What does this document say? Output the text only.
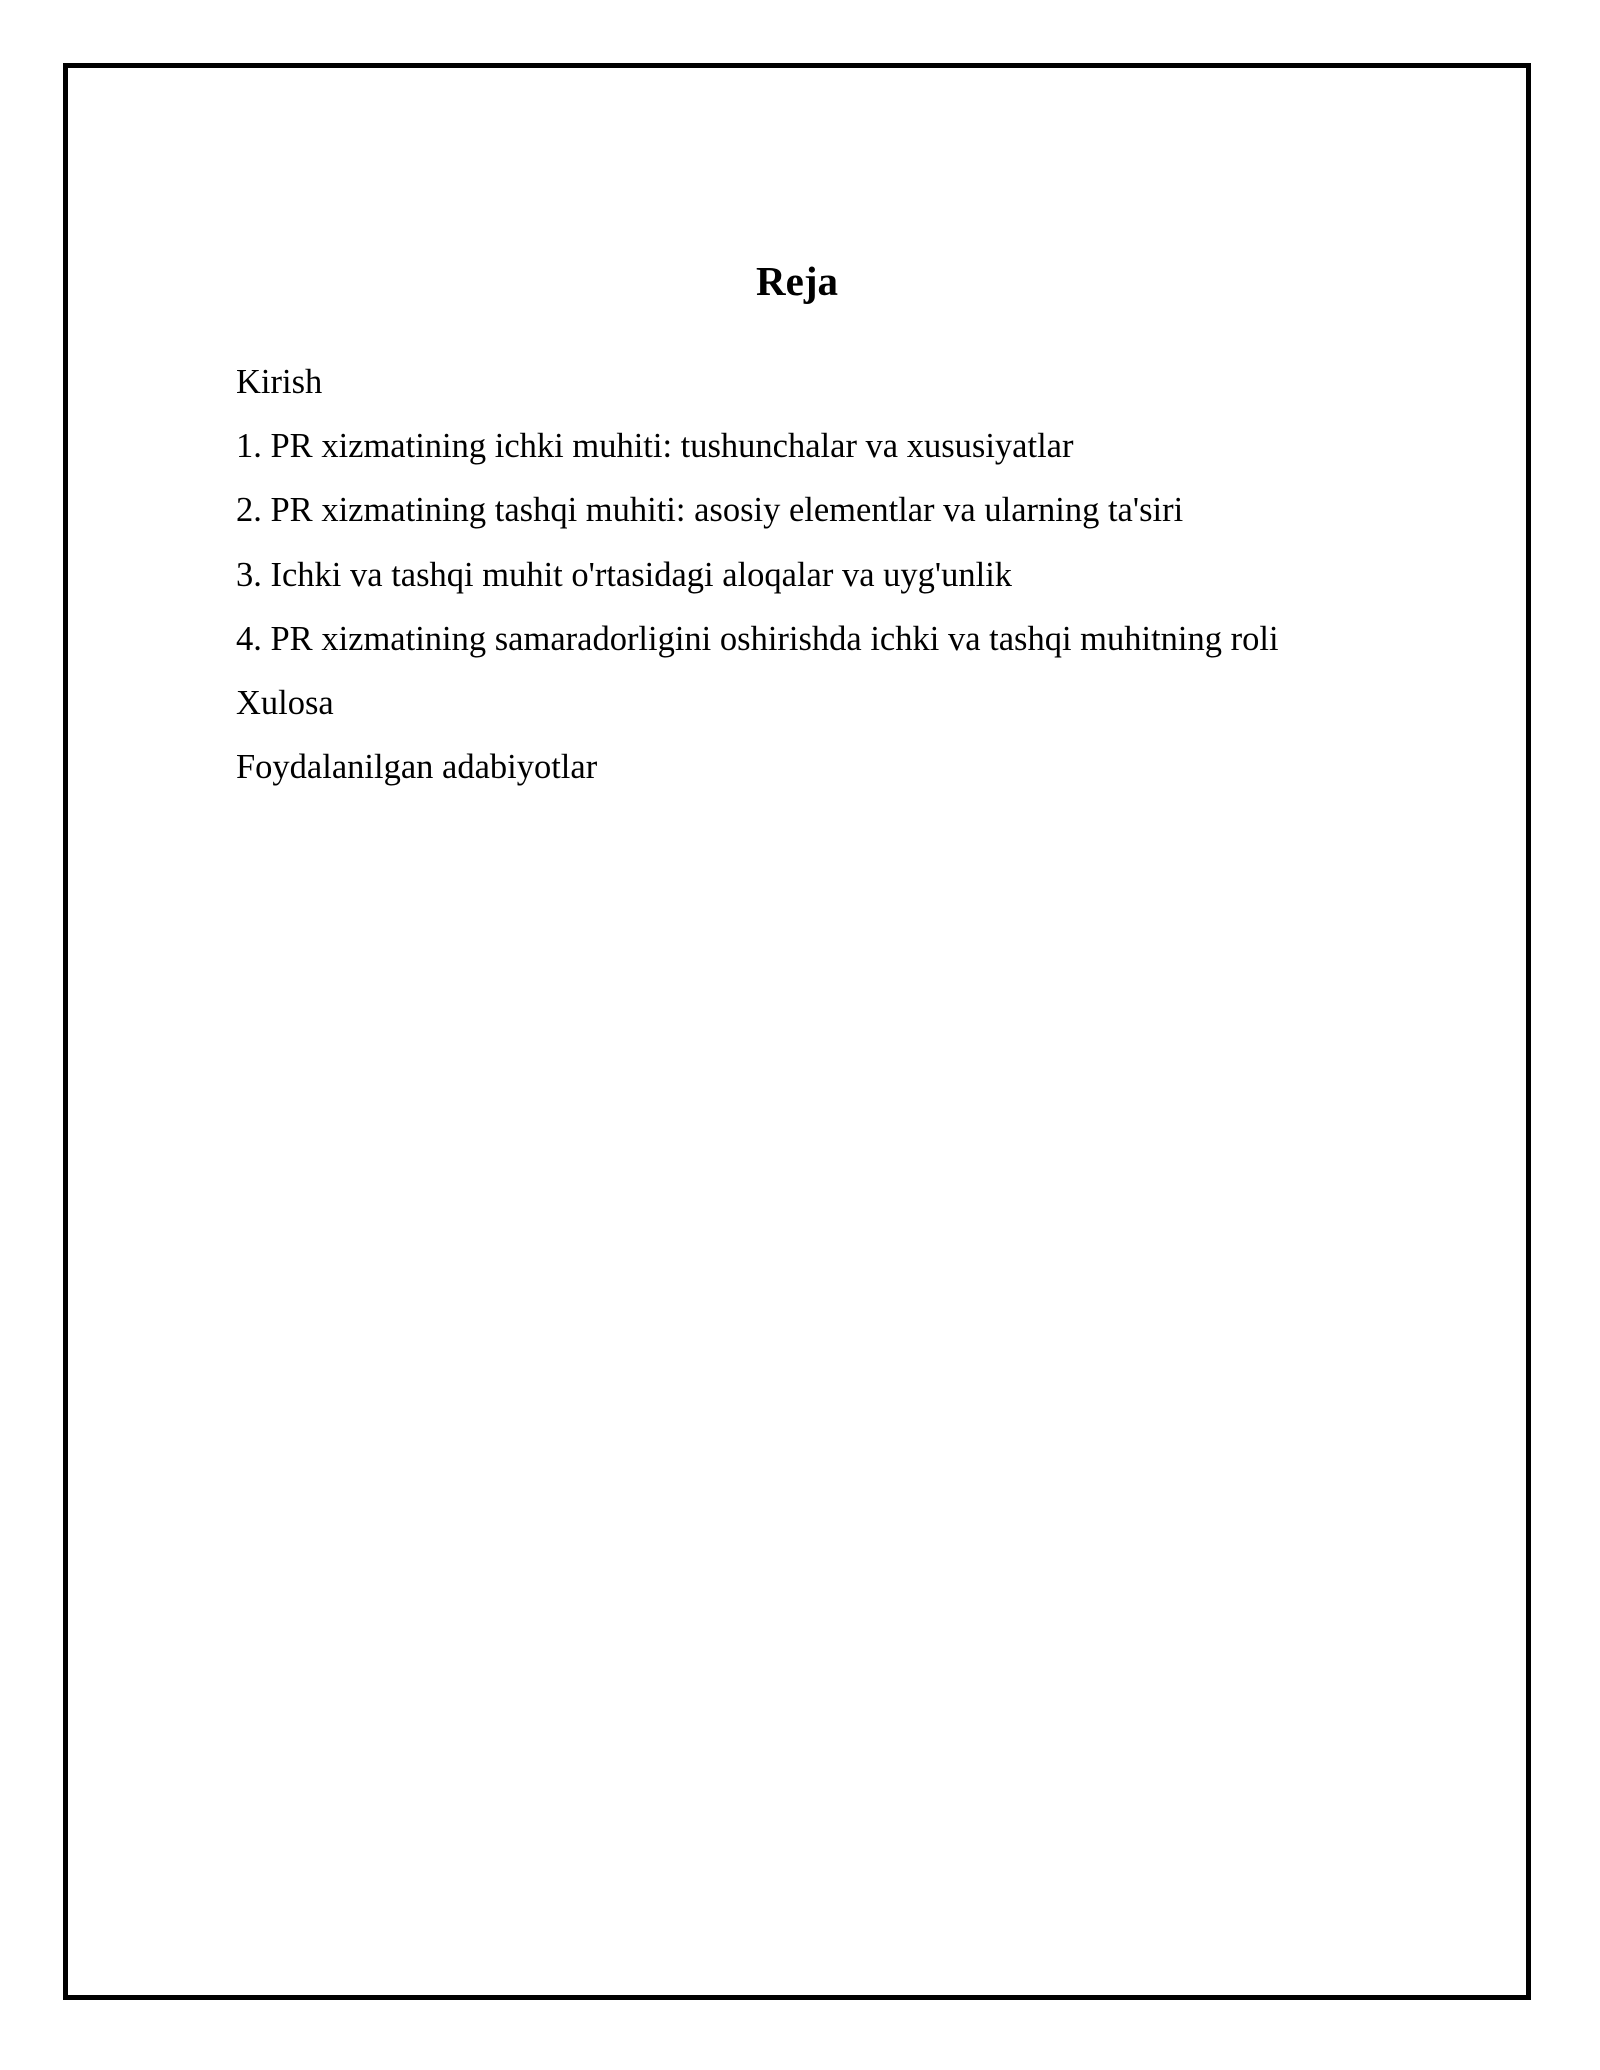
Reja
Kirish
1. PR xizmatining ichki muhiti: tushunchalar va xususiyatlar
2. PR xizmatining tashqi muhiti: asosiy elementlar va ularning ta'siri
3. Ichki va tashqi muhit o'rtasidagi aloqalar va uyg'unlik
4. PR xizmatining samaradorligini oshirishda ichki va tashqi muhitning roli
Xulosa
Foydalanilgan adabiyotlar
